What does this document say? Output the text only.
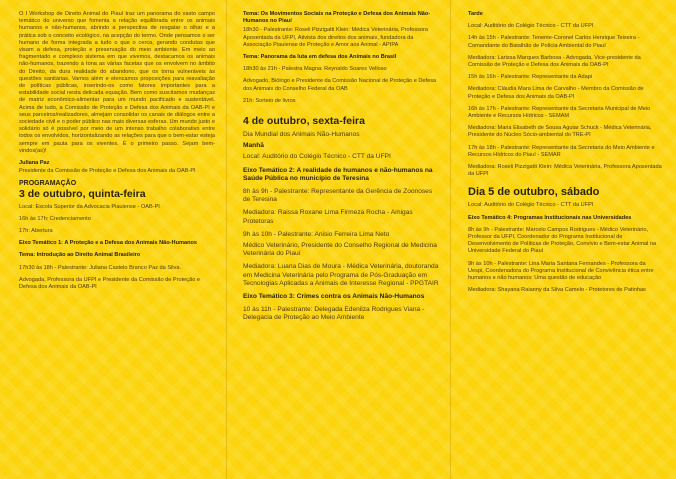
O I Workshop de Direito Animal do Piauí traz um panorama do vasto campo temático do universo que fomenta a relação equilibrada entre os animais humanos e não-humanos, abrindo a perspectiva de resgatar o olhar e a prática sob o conceito ecológico, na acepção do termo. Onde pensamos o ser humano de forma integrada a tudo o que o cerca, gerando condutas que visam a defesa, proteção e preservação do meio ambiente. Em meio ao fragmentado e complexo sistema em que vivemos, destacamos os animais não-humanos, trazendo à tona as várias facetas que os envolvem no âmbito do Direito, da dura realidade do abandono, que os torna vulneráveis às questões sanitárias. Vamos além e elencamos proposições para reavaliação de políticas públicas, inserindo-os como fatores importantes para a estabilidade social nesta delicada equação. Bem como suscitamos mudanças de matriz econômico-alimentar para um mundo pacificado e sustentável. Acima de tudo, a Comissão de Proteção e Defesa dos Animais da OAB-PI e seus parceiros/realizadores, almejam consolidar os canais de diálogos entre a sociedade civil e o poder público nas mais diversas esferas. Um mundo justo e solidário só é possível por meio de um intenso trabalho colaborativo entre todos os envolvidos, horizontalizando as relações para que o bem-estar esteja sempre em pauta para os viventes. É o primeiro passo. Sejam bem-vindos(as)!

Juliana Paz

Presidente da Comissão de Proteção e Defesa dos Animais da OAB-PI

PROGRAMAÇÃO

3 de outubro, quinta-feira

Local: Escola Superior da Advocacia Piauiense - OAB-PI

16h às 17h: Credenciamento

17h: Abertura

Eixo Temático 1: A Proteção e a Defesa dos Animais Não-Humanos

Tema: Introdução ao Direito Animal Brasileiro

17h30 às 18h - Palestrante: Juliana Castelo Branco Paz da Silva.

Advogada, Professora da UFPI e Presidente da Comissão de Proteção e Defesa dos Animais da OAB-PI

Tema: Os Movimentos Sociais na Proteção e Defesa dos Animais Não-Humanos no Piauí

18h30 - Palestrante: Roseli Pizzigatti Klein: Médica Veterinária, Professora Aposentada da UFPI, Ativista dos direitos dos animais, fundadora da Associação Piauiense de Proteção e Amor aos Animal - APIPA

Tema: Panorama da luta em defesa dos Animais no Brasil

18h30 às 21h - Palestra Magna: Reynaldo Soares Velloso

Advogado, Biólogo e Presidente da Comissão Nacional de Proteção e Defesa dos Animais do Conselho Federal da OAB

21h: Sorteio de livros

4 de outubro, sexta-feira

Dia Mundial dos Animais Não-Humanos

Manhã

Local: Auditório do Colégio Técnico - CTT da UFPI

Eixo Temático 2: A realidade de humanos e não-humanos na Saúde Pública no município de Teresina

8h às 9h - Palestrante: Representante da Gerência de Zoonoses de Teresina

Mediadora: Raissa Roxane Lima Firmeza Rocha - Amigas Protetoras

9h às 10h - Palestrante: Anisio Ferreira Lima Neto

Médico Veterinário, Presidente do Conselho Regional de Medicina Veterinária do Piauí

Mediadora: Luana Dias de Moura - Médica Veterinária, doutoranda em Medicina Veterinária pelo Programa de Pós-Graduação em Tecnologias Aplicadas a Animais de Interesse Regional - PPGTAIR

Eixo Temático 3: Crimes contra os Animais Não-Humanos

10 às 11h - Palestrante: Delegada Edenilza Rodrigues Viana - Delegacia de Proteção ao Meio Ambiente

Tarde

Local: Auditório do Colégio Técnico - CTT da UFPI

14h às 15h - Palestrante: Tenente-Coronel Carlos Henrique Teixeira - Comandante do Batalhão de Polícia Ambiental do Piauí

Mediadora: Larissa Marques Barbosa - Advogada, Vice-presidente da Comissão de Proteção e Defesa dos Animais da OAB-PI

15h às 16h - Palestrante: Representante da Adapi

Mediadora: Cláudia Mara Lima de Carvalho - Membro da Comissão de Proteção e Defesa dos Animais da OAB-PI

16h às 17h - Palestrante: Representante da Secretaria Municipal de Meio Ambiente e Recursos Hídricos - SEMAM

Mediadora: Maria Elisabeth de Sousa Aguiar Schuck - Médica Veterinária, Presidente do Núcleo Sócio-ambiental do TRE-PI

17h às 18h - Palestrante: Representante da Secretaria do Meio Ambiente e Recursos Hídricos do Piauí - SEMAR

Mediadora: Roseli Pizzigatti Klein: Médica Veterinária, Professora Aposentada da UFPI

Dia 5 de outubro, sábado

Local: Auditório do Colégio Técnico - CTT da UFPI

Eixo Temático 4: Programas Institucionais nas Universidades

8h às 9h - Palestrante: Marcelo Campos Rodrigues - Médico Veterinário, Professor da UFPI, Coordenador do Programa Institucional de Desenvolvimento de Políticas de Proteção, Convívio e Bem-estar Animal na Universidade Federal do Piauí

9h às 10h - Palestrante: Lina Maria Santana Fernandes - Professora da Uespi, Coordenadora do Programa Institucional de Convivência ética entre humanos e não humanos: Uma questão de educação

Mediadora: Shayana Raianny da Silva Camelo - Protetores de Patinhas
